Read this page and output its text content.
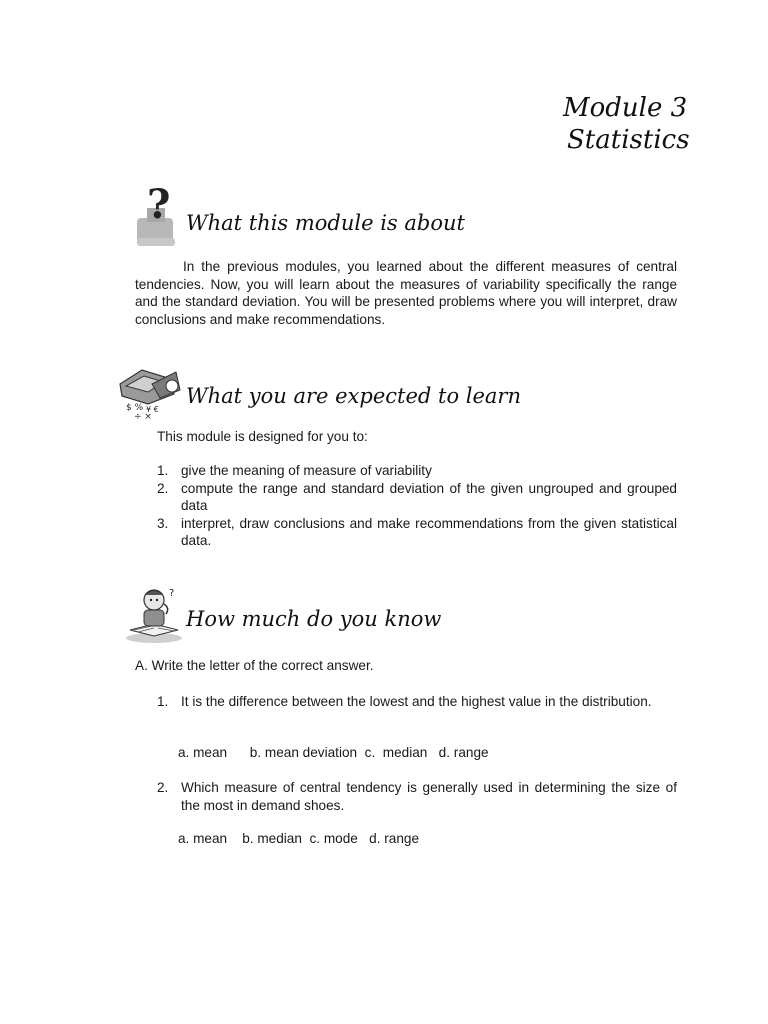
Module 3
Statistics
? What this module is about
In the previous modules, you learned about the different measures of central tendencies. Now, you will learn about the measures of variability specifically the range and the standard deviation. You will be presented problems where you will interpret, draw conclusions and make recommendations.
$ %
÷ ×
¥ €
What you are expected to learn
This module is designed for you to:
1. give the meaning of measure of variability
2. compute the range and standard deviation of the given ungrouped and grouped data
3. interpret, draw conclusions and make recommendations from the given statistical data.
?
How much do you know
A. Write the letter of the correct answer.
1. It is the difference between the lowest and the highest value in the distribution.
a. mean      b. mean deviation  c.  median   d. range
2. Which measure of central tendency is generally used in determining the size of the most in demand shoes.
a. mean    b. median  c. mode   d. range
